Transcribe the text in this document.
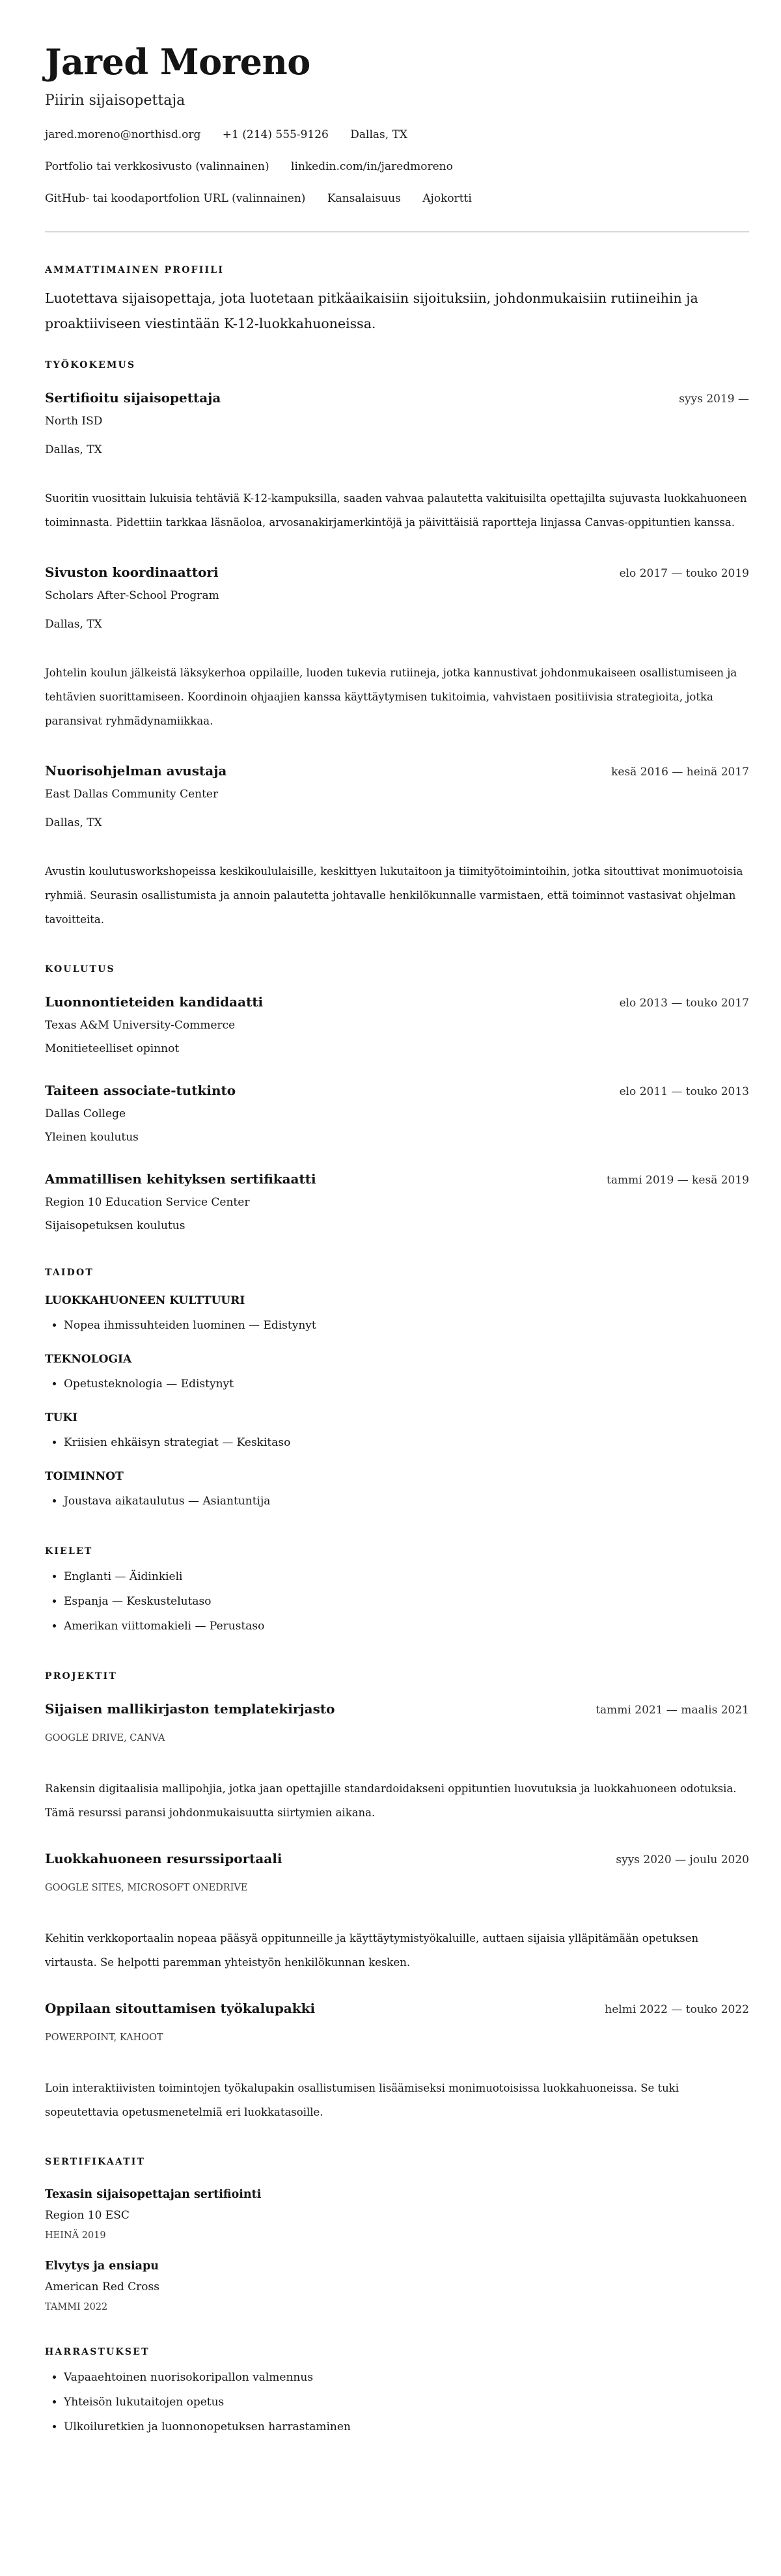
Jared Moreno
Piirin sijaisopettaja
jared.moreno@northisd.org +1 (214) 555-9126 Dallas, TX
Portfolio tai verkkosivusto (valinnainen) linkedin.com/in/jaredmoreno
GitHub- tai koodaportfolion URL (valinnainen) Kansalaisuus Ajokortti
AMMATTIMAINEN PROFIILI
Luotettava sijaisopettaja, jota luotetaan pitkäaikaisiin sijoituksiin, johdonmukaisiin rutiineihin ja proaktiiviseen viestintään K-12-luokkahuoneissa.
TYÖKOKEMUS
Sertifioitu sijaisopettaja	syys 2019 —
North ISD
Dallas, TX
Suoritin vuosittain lukuisia tehtäviä K-12-kampuksilla, saaden vahvaa palautetta vakituisilta opettajilta sujuvasta luokkahuoneen toiminnasta. Pidettiin tarkkaa läsnäoloa, arvosanakirjamerkintöjä ja päivittäisiä raportteja linjassa Canvas-oppituntien kanssa.
Sivuston koordinaattori	elo 2017 — touko 2019
Scholars After-School Program
Dallas, TX
Johtelin koulun jälkeistä läksykerhoa oppilaille, luoden tukevia rutiineja, jotka kannustivat johdonmukaiseen osallistumiseen ja tehtävien suorittamiseen. Koordinoin ohjaajien kanssa käyttäytymisen tukitoimia, vahvistaen positiivisia strategioita, jotka paransivat ryhmädynamiikkaa.
Nuorisohjelman avustaja	kesä 2016 — heinä 2017
East Dallas Community Center
Dallas, TX
Avustin koulutusworkshopeissa keskikoululaisille, keskittyen lukutaitoon ja tiimityötoimintoihin, jotka sitouttivat monimuotoisia ryhmiä. Seurasin osallistumista ja annoin palautetta johtavalle henkilökunnalle varmistaen, että toiminnot vastasivat ohjelman tavoitteita.
KOULUTUS
Luonnontieteiden kandidaatti	elo 2013 — touko 2017
Texas A&M University-Commerce
Monitieteelliset opinnot
Taiteen associate-tutkinto	elo 2011 — touko 2013
Dallas College
Yleinen koulutus
Ammatillisen kehityksen sertifikaatti	tammi 2019 — kesä 2019
Region 10 Education Service Center
Sijaisopetuksen koulutus
TAIDOT
LUOKKAHUONEEN KULTTUURI
• Nopea ihmissuhteiden luominen — Edistynyt
TEKNOLOGIA
• Opetusteknologia — Edistynyt
TUKI
• Kriisien ehkäisyn strategiat — Keskitaso
TOIMINNOT
• Joustava aikataulutus — Asiantuntija
KIELET
• Englanti — Äidinkieli
• Espanja — Keskustelutaso
• Amerikan viittomakieli — Perustaso
PROJEKTIT
Sijaisen mallikirjaston templatekirjasto	tammi 2021 — maalis 2021
GOOGLE DRIVE, CANVA
Rakensin digitaalisia mallipohjia, jotka jaan opettajille standardoidakseni oppituntien luovutuksia ja luokkahuoneen odotuksia. Tämä resurssi paransi johdonmukaisuutta siirtymien aikana.
Luokkahuoneen resurssiportaali	syys 2020 — joulu 2020
GOOGLE SITES, MICROSOFT ONEDRIVE
Kehitin verkkoportaalin nopeaa pääsyä oppitunneille ja käyttäytymistyökaluille, auttaen sijaisia ylläpitämään opetuksen virtausta. Se helpotti paremman yhteistyön henkilökunnan kesken.
Oppilaan sitouttamisen työkalupakki	helmi 2022 — touko 2022
POWERPOINT, KAHOOT
Loin interaktiivisten toimintojen työkalupakin osallistumisen lisäämiseksi monimuotoisissa luokkahuoneissa. Se tuki sopeutettavia opetusmenetelmiä eri luokkatasoille.
SERTIFIKAATIT
Texasin sijaisopettajan sertifiointi
Region 10 ESC
HEINÄ 2019
Elvytys ja ensiapu
American Red Cross
TAMMI 2022
HARRASTUKSET
• Vapaaehtoinen nuorisokoripallon valmennus
• Yhteisön lukutaitojen opetus
• Ulkoiluretkien ja luonnonopetuksen harrastaminen
